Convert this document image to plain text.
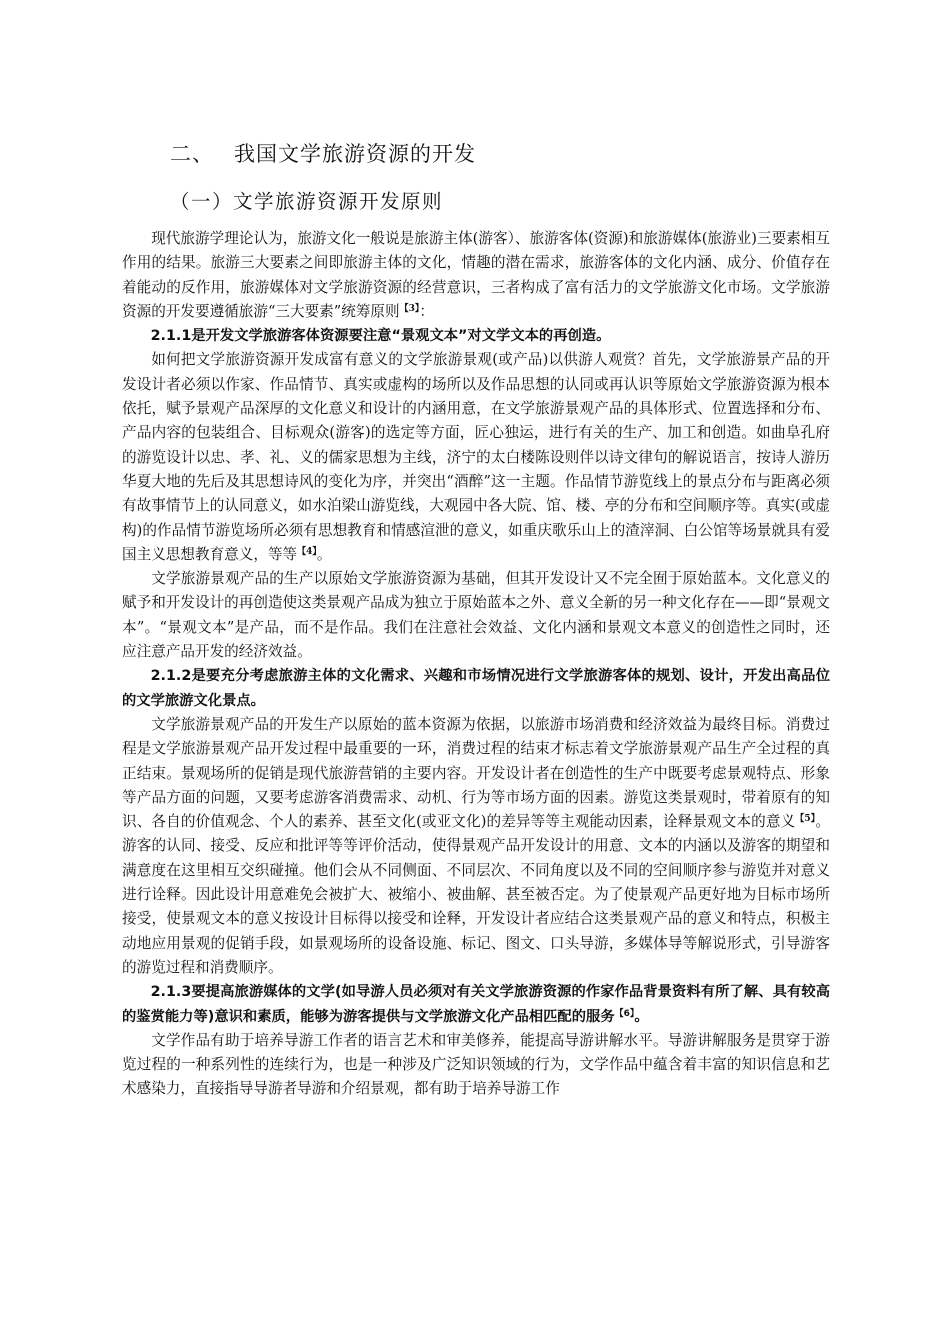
二、 我国文学旅游资源的开发
（一）文学旅游资源开发原则

现代旅游学理论认为，旅游文化一般说是旅游主体(游客）、旅游客体(资源)和旅游媒体(旅游业)三要素相互作用的结果。旅游三大要素之间即旅游主体的文化，情趣的潜在需求，旅游客体的文化内涵、成分、价值存在着能动的反作用，旅游媒体对文学旅游资源的经营意识，三者构成了富有活力的文学旅游文化市场。文学旅游资源的开发要遵循旅游“三大要素”统筹原则$^{【3】}$：

2.1.1是开发文学旅游客体资源要注意“景观文本”对文学文本的再创造。

如何把文学旅游资源开发成富有意义的文学旅游景观(或产品)以供游人观赏？首先，文学旅游景产品的开发设计者必须以作家、作品情节、真实或虚构的场所以及作品思想的认同或再认识等原始文学旅游资源为根本依托，赋予景观产品深厚的文化意义和设计的内涵用意，在文学旅游景观产品的具体形式、位置选择和分布、产品内容的包装组合、目标观众(游客)的选定等方面，匠心独运，进行有关的生产、加工和创造。如曲阜孔府的游览设计以忠、孝、礼、义的儒家思想为主线，济宁的太白楼陈设则伴以诗文律句的解说语言，按诗人游历华夏大地的先后及其思想诗风的变化为序，并突出“酒醉”这一主题。作品情节游览线上的景点分布与距离必须有故事情节上的认同意义，如水泊梁山游览线，大观园中各大院、馆、楼、亭的分布和空间顺序等。真实(或虚构)的作品情节游览场所必须有思想教育和情感渲泄的意义，如重庆歌乐山上的渣滓洞、白公馆等场景就具有爱国主义思想教育意义，等等$^{【4】}$。

文学旅游景观产品的生产以原始文学旅游资源为基础，但其开发设计又不完全囿于原始蓝本。文化意义的赋予和开发设计的再创造使这类景观产品成为独立于原始蓝本之外、意义全新的另一种文化存在——即“景观文本”。“景观文本”是产品，而不是作品。我们在注意社会效益、文化内涵和景观文本意义的创造性之同时，还应注意产品开发的经济效益。

2.1.2是要充分考虑旅游主体的文化需求、兴趣和市场情况进行文学旅游客体的规划、设计，开发出高品位的文学旅游文化景点。

文学旅游景观产品的开发生产以原始的蓝本资源为依据，以旅游市场消费和经济效益为最终目标。消费过程是文学旅游景观产品开发过程中最重要的一环，消费过程的结束才标志着文学旅游景观产品生产全过程的真正结束。景观场所的促销是现代旅游营销的主要内容。开发设计者在创造性的生产中既要考虑景观特点、形象等产品方面的问题，又要考虑游客消费需求、动机、行为等市场方面的因素。游览这类景观时，带着原有的知识、各自的价值观念、个人的素养、甚至文化(或亚文化)的差异等等主观能动因素，诠释景观文本的意义$^{【5】}$。游客的认同、接受、反应和批评等等评价活动，使得景观产品开发设计的用意、文本的内涵以及游客的期望和满意度在这里相互交织碰撞。他们会从不同侧面、不同层次、不同角度以及不同的空间顺序参与游览并对意义进行诠释。因此设计用意难免会被扩大、被缩小、被曲解、甚至被否定。为了使景观产品更好地为目标市场所接受，使景观文本的意义按设计目标得以接受和诠释，开发设计者应结合这类景观产品的意义和特点，积极主动地应用景观的促销手段，如景观场所的设备设施、标记、图文、口头导游，多媒体导等解说形式，引导游客的游览过程和消费顺序。

2.1.3要提高旅游媒体的文学(如导游人员必须对有关文学旅游资源的作家作品背景资料有所了解、具有较高的鉴赏能力等)意识和素质，能够为游客提供与文学旅游文化产品相匹配的服务$^{【6】}$。

文学作品有助于培养导游工作者的语言艺术和审美修养，能提高导游讲解水平。导游讲解服务是贯穿于游览过程的一种系列性的连续行为，也是一种涉及广泛知识领域的行为，文学作品中蕴含着丰富的知识信息和艺术感染力，直接指导导游者导游和介绍景观，都有助于培养导游工作
